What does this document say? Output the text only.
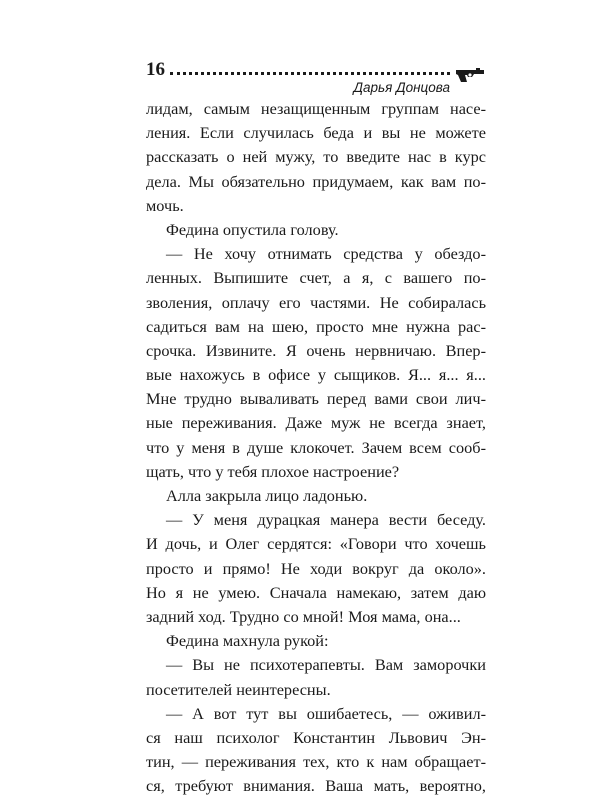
16
Дарья Донцова
лидам, самым незащищенным группам насе-
ления. Если случилась беда и вы не можете
рассказать о ней мужу, то введите нас в курс
дела. Мы обязательно придумаем, как вам по-
мочь.
Федина опустила голову.
— Не хочу отнимать средства у обездо-
ленных. Выпишите счет, а я, с вашего по-
зволения, оплачу его частями. Не собиралась
садиться вам на шею, просто мне нужна рас-
срочка. Извините. Я очень нервничаю. Впер-
вые нахожусь в офисе у сыщиков. Я... я... я...
Мне трудно вываливать перед вами свои лич-
ные переживания. Даже муж не всегда знает,
что у меня в душе клокочет. Зачем всем сооб-
щать, что у тебя плохое настроение?
Алла закрыла лицо ладонью.
— У меня дурацкая манера вести беседу.
И дочь, и Олег сердятся: «Говори что хочешь
просто и прямо! Не ходи вокруг да около».
Но я не умею. Сначала намекаю, затем даю
задний ход. Трудно со мной! Моя мама, она...
Федина махнула рукой:
— Вы не психотерапевты. Вам заморочки
посетителей неинтересны.
— А вот тут вы ошибаетесь, — оживил-
ся наш психолог Константин Львович Эн-
тин, — переживания тех, кто к нам обращает-
ся, требуют внимания. Ваша мать, вероятно,
